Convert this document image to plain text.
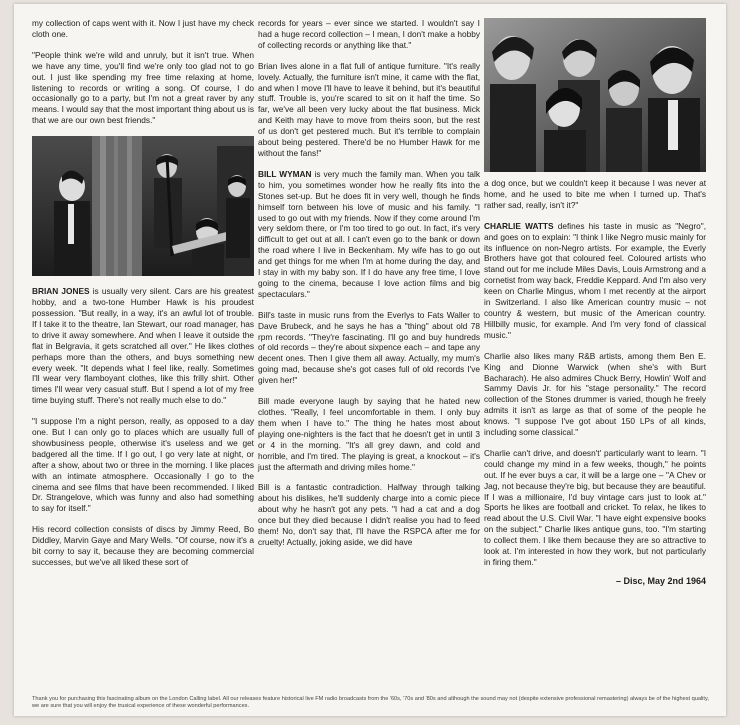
my collection of caps went with it. Now I just have my check cloth one.

"People think we're wild and unruly, but it isn't true. When we have any time, you'll find we're only too glad not to go out. I just like spending my free time relaxing at home, listening to records or writing a song. Of course, I do occasionally go to a party, but I'm not a great raver by any means. I would say that the most important thing about us is that we are our own best friends."

BRIAN JONES is usually very silent. Cars are his greatest hobby, and a two-tone Humber Hawk is his proudest possession. "But really, in a way, it's an awful lot of trouble. If I take it to the theatre, Ian Stewart, our road manager, has to drive it away somewhere. And when I leave it outside the flat in Belgravia, it gets scratched all over." He likes clothes perhaps more than the others, and buys something new every week. "It depends what I feel like, really. Sometimes I'll wear very flamboyant clothes, like this frilly shirt. Other times I'll wear very casual stuff. But I spend a lot of my free time buying stuff. There's not really much else to do."

"I suppose I'm a night person, really, as opposed to a day one. But I can only go to places which are usually full of showbusiness people, otherwise it's useless and we get badgered all the time. If I go out, I go very late at night, or after a show, about two or three in the morning. I like places with an intimate atmosphere. Occasionally I go to the cinema and see films that have been recommended. I liked Dr. Strangelove, which was funny and also had something to say for itself."

His record collection consists of discs by Jimmy Reed, Bo Diddley, Marvin Gaye and Mary Wells. "Of course, now it's a bit corny to say it, because they are becoming commercial successes, but we've all liked these sort of

records for years – ever since we started. I wouldn't say I had a huge record collection – I mean, I don't make a hobby of collecting records or anything like that."

Brian lives alone in a flat full of antique furniture. "It's really lovely. Actually, the furniture isn't mine, it came with the flat, and when I move I'll have to leave it behind, but it's beautiful stuff. Trouble is, you're scared to sit on it half the time. So far, we've all been very lucky about the flat business. Mick and Keith may have to move from theirs soon, but the rest of us don't get pestered much. But it's terrible to complain about being pestered. There'd be no Humber Hawk for me without the fans!"

BILL WYMAN is very much the family man. When you talk to him, you sometimes wonder how he really fits into the Stones set-up. But he does fit in very well, though he finds himself torn between his love of music and his family. "I used to go out with my friends. Now if they come around I'm very seldom there, or I'm too tired to go out. In fact, it's very difficult to get out at all. I can't even go to the bank or down the road where I live in Beckenham. My wife has to go out and get things for me when I'm at home during the day, and I stay in with my baby son. If I do have any free time, I love going to the cinema, because I love action films and big spectaculars."

Bill's taste in music runs from the Everlys to Fats Waller to Dave Brubeck, and he says he has a "thing" about old 78 rpm records. "They're fascinating. I'll go and buy hundreds of old records – they're about sixpence each – and tape any decent ones. Then I give them all away. Actually, my mum's going mad, because she's got cases full of old records I've given her!"

Bill made everyone laugh by saying that he hated new clothes. "Really, I feel uncomfortable in them. I only buy them when I have to." The thing he hates most about playing one-nighters is the fact that he doesn't get in until 3 or 4 in the morning. "It's all grey dawn, and cold and horrible, and I'm tired. The playing is great, a knockout – it's just the aftermath and driving miles home."

Bill is a fantastic contradiction. Halfway through talking about his dislikes, he'll suddenly charge into a comic piece about why he hasn't got any pets. "I had a cat and a dog once but they died because I didn't realise you had to feed them! No, don't say that, I'll have the RSPCA after me for cruelty! Actually, joking aside, we did have

a dog once, but we couldn't keep it because I was never at home, and he used to bite me when I turned up. That's rather sad, really, isn't it?"

CHARLIE WATTS defines his taste in music as "Negro", and goes on to explain: "I think I like Negro music mainly for its influence on non-Negro artists. For example, the Everly Brothers have got that coloured feel. Coloured artists who stand out for me include Miles Davis, Louis Armstrong and a cornetist from way back, Freddie Keppard. And I'm also very keen on Charlie Mingus, whom I met recently at the airport in Switzerland. I also like American country music – not country & western, but music of the American country. Hillbilly music, for example. And I'm very fond of classical music."

Charlie also likes many R&B artists, among them Ben E. King and Dionne Warwick (when she's with Burt Bacharach). He also admires Chuck Berry, Howlin' Wolf and Sammy Davis Jr. for his "stage personality." The record collection of the Stones drummer is varied, though he freely admits it isn't as large as that of some of the people he knows. "I suppose I've got about 150 LPs of all kinds, including some classical."

Charlie can't drive, and doesn't' particularly want to learn. "I could change my mind in a few weeks, though," he points out. If he ever buys a car, it will be a large one – "A Chev or Jag, not because they're big, but because they are beautiful. If I was a millionaire, I'd buy vintage cars just to look at." Sports he likes are football and cricket. To relax, he likes to read about the U.S. Civil War. "I have eight expensive books on the subject." Charlie likes antique guns, too. "I'm starting to collect them. I like them because they are so attractive to look at. I'm interested in how they work, but not particularly in firing them."

– Disc, May 2nd 1964
Thank you for purchasing this fascinating album on the London Calling label. All our releases feature historical live FM radio broadcasts from the '60s, '70s and '80s and although the sound may not (despite extensive professional remastering) always be of the highest quality, we are sure that you will enjoy the trusical experience of these wonderful performances.
